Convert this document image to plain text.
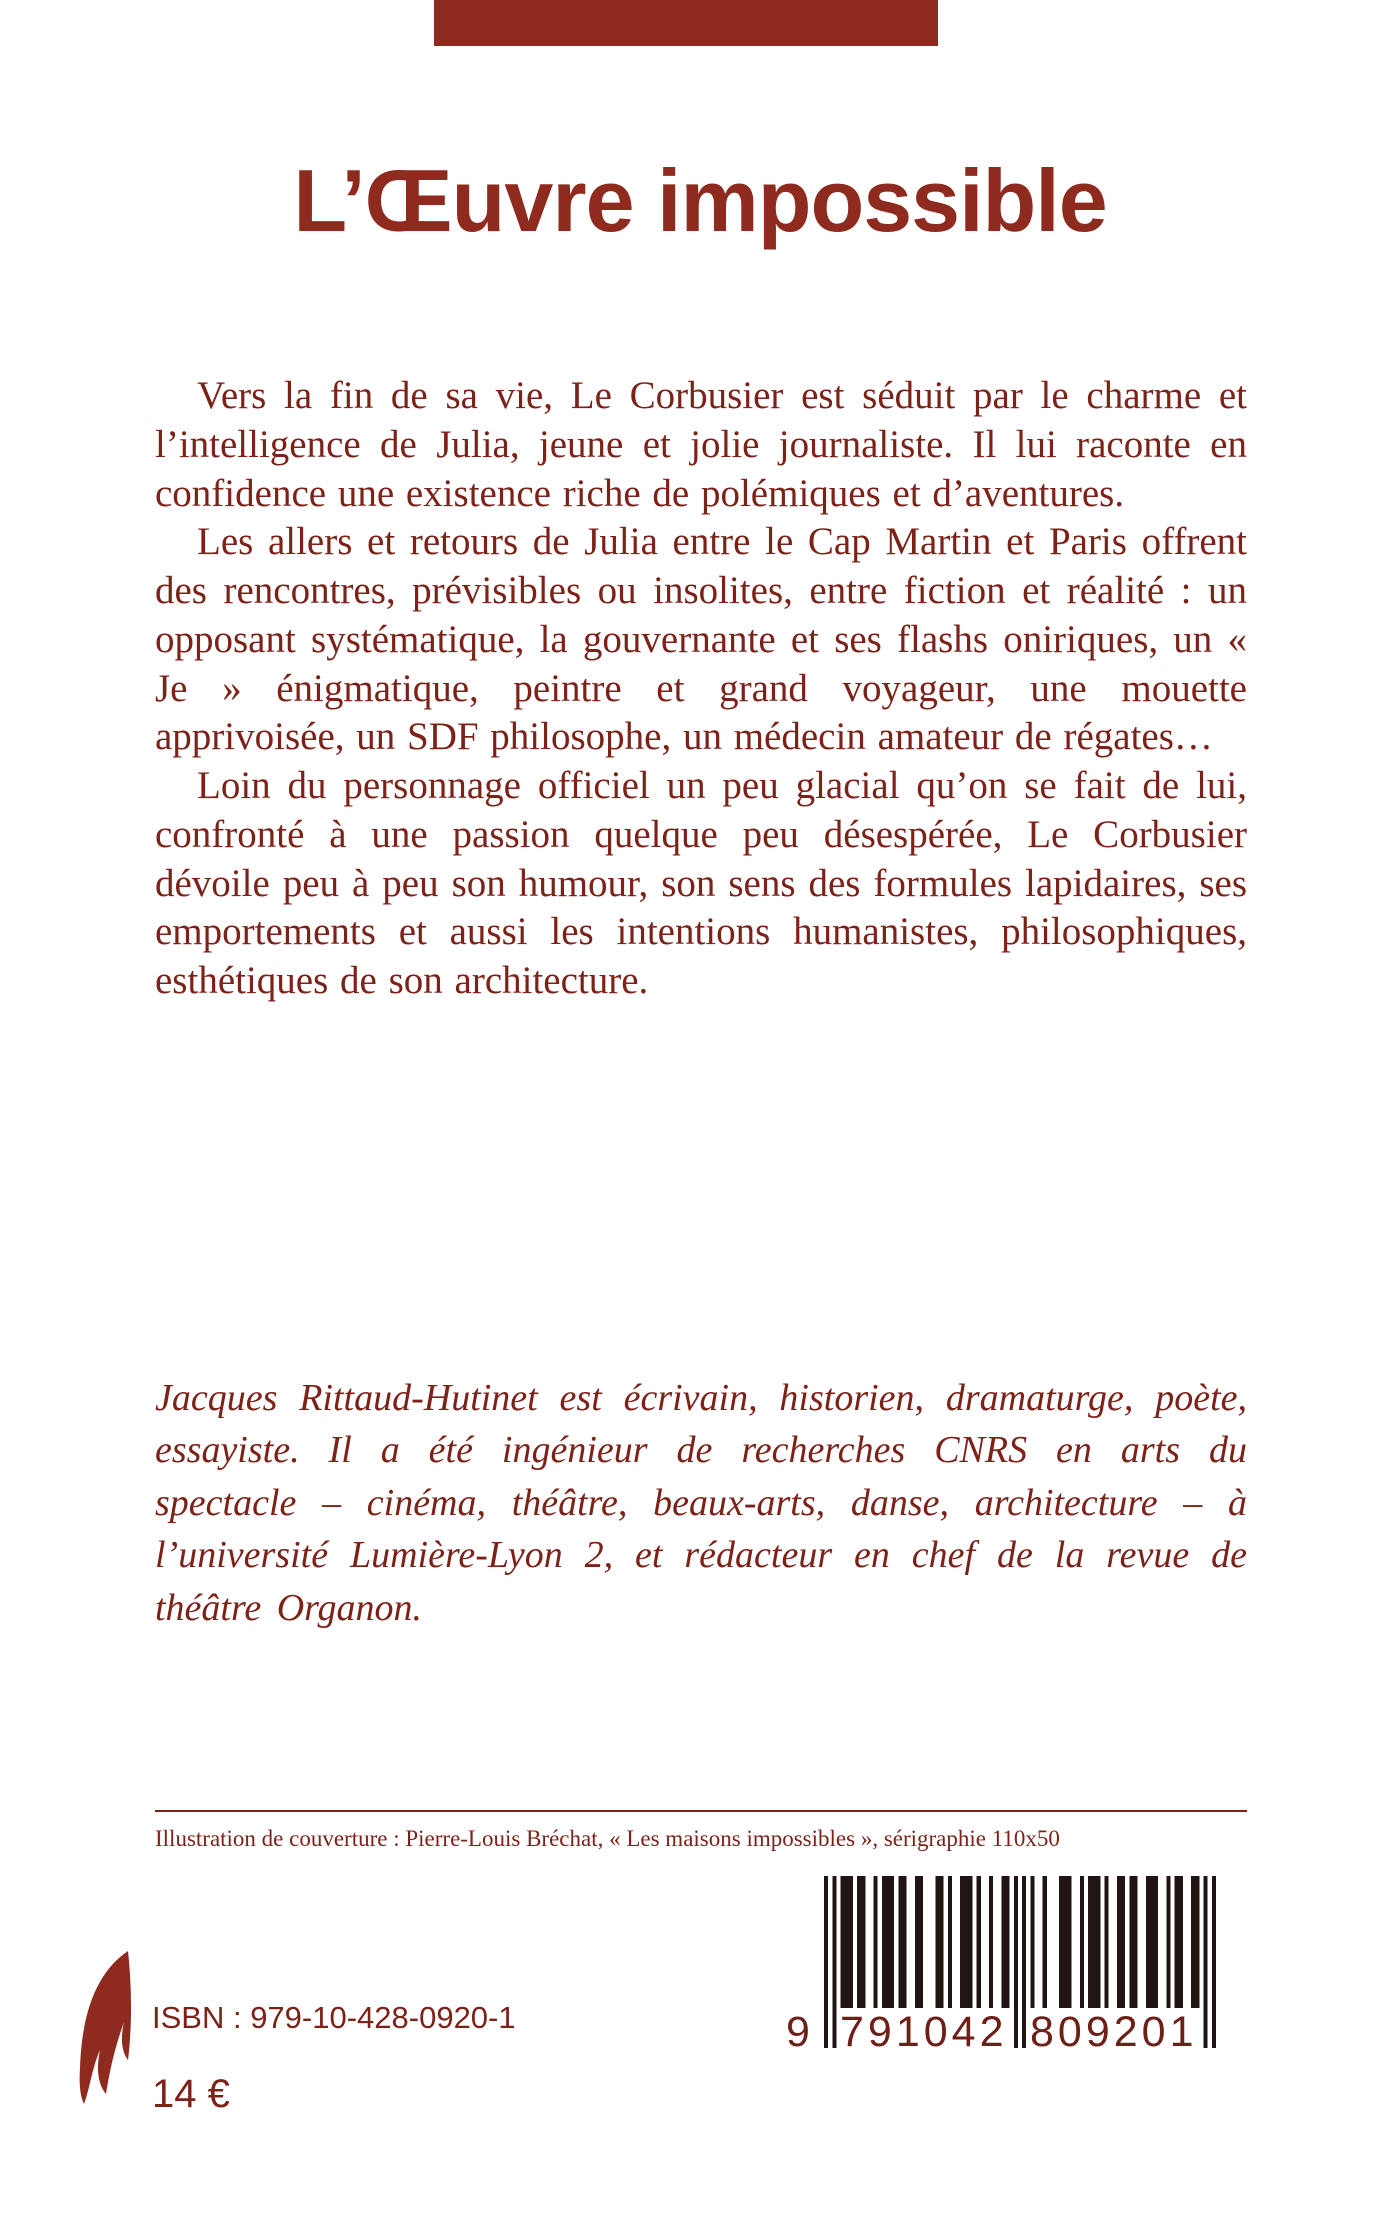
L’Œuvre impossible

Vers la fin de sa vie, Le Corbusier est séduit par le charme et l’intelligence de Julia, jeune et jolie journaliste. Il lui raconte en confidence une existence riche de polémiques et d’aventures.

Les allers et retours de Julia entre le Cap Martin et Paris offrent des rencontres, prévisibles ou insolites, entre fiction et réalité : un opposant systématique, la gouvernante et ses flashs oniriques, un « Je » énigmatique, peintre et grand voyageur, une mouette apprivoisée, un SDF philosophe, un médecin amateur de régates…

Loin du personnage officiel un peu glacial qu’on se fait de lui, confronté à une passion quelque peu désespérée, Le Corbusier dévoile peu à peu son humour, son sens des formules lapidaires, ses emportements et aussi les intentions humanistes, philosophiques, esthétiques de son architecture.

Jacques Rittaud-Hutinet est écrivain, historien, dramaturge, poète, essayiste. Il a été ingénieur de recherches CNRS en arts du spectacle – cinéma, théâtre, beaux-arts, danse, architecture – à l’université Lumière-Lyon 2, et rédacteur en chef de la revue de théâtre Organon.

Illustration de couverture : Pierre-Louis Bréchat, « Les maisons impossibles », sérigraphie 110x50
ISBN : 979-10-428-0920-1
14 €
9 791042 809201
